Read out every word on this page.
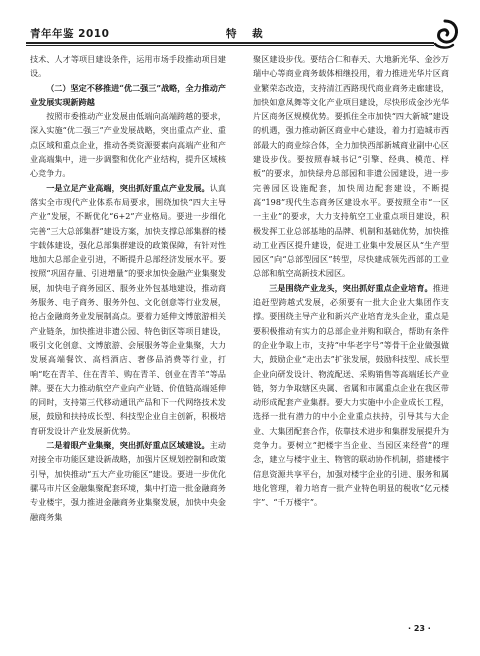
青年年鉴 2010	特 裁

技术、人才等项目建设条件，运用市场手段推动项目建设。

（二）坚定不移推进“优二强三”战略，全力推动产业发展实现新跨越

按照市委推动产业发展由低端向高端跨越的要求，深入实施“优二强三”产业发展战略，突出重点产业、重点区域和重点企业，推动各类资源要素向高端产业和产业高端集中，进一步调整和优化产业结构，提升区域核心竞争力。

一是立足产业高端，突出抓好重点产业发展。认真落实全市现代产业体系布局要求，围绕加快“四大主导产业”发展，不断优化“6+2”产业格局。要进一步细化完善“三大总部集群”建设方案，加快支撑总部集群的楼宇载体建设，强化总部集群建设的政策保障，有针对性地加大总部企业引进，不断提升总部经济发展水平。要按照“巩固存量、引进增量”的要求加快金融产业集聚发展，加快电子商务园区、服务业外包基地建设，推动商务服务、电子商务、服务外包、文化创意等行业发展，抢占金融商务业发展制高点。要着力延伸文博旅游相关产业链条，加快推进非遗公园、特色街区等项目建设，吸引文化创意、文博旅游、会展服务等企业集聚，大力发展高端餐饮、高档酒店、奢侈品消费等行业，打响“吃在青羊、住在青羊、购在青羊、创业在青羊”等品牌。要在大力推动航空产业向产业链、价值链高端延伸的同时，支持第三代移动通讯产品和下一代网络技术发展，鼓励和扶持成长型、科技型企业自主创新，积极培育研发设计产业发展新优势。

二是着眼产业集聚，突出抓好重点区域建设。主动对接全市功能区建设新战略，加强片区规划控制和政策引导，加快推动“五大产业功能区”建设。要进一步优化骡马市片区金融集聚配套环境，集中打造一批金融商务专业楼宇，强力推进金融商务业集聚发展，加快中央金融商务集

聚区建设步伐。要结合仁和春天、大地新光华、金沙万瑞中心等商业商务载体相继投用，着力推进光华片区商业繁荣态改造，支持清江西路现代商业商务走廊建设，加快如意凤舞等文化产业项目建设，尽快形成金沙光华片区商务区规模优势。要抓住全市加快“四大新城”建设的机遇，强力推动新区商业中心建设，着力打造城市西部最大的商业综合体，全力加快西部新城商业副中心区建设步伐。要按照春城书记“引擎、经典、模范、样板”的要求，加快绿舟总部园和非遗公园建设，进一步完善园区设施配套，加快周边配套建设，不断提高“198”现代生态商务区建设水平。要按照全市“一区一主业”的要求，大力支持航空工业重点项目建设，积极发挥工业总部基地的品牌、机制和基础优势，加快推动工业西区提升建设，促进工业集中发展区从“生产型园区”向“总部型园区”转型，尽快建成领先西部的工业总部和航空高新技术园区。

三是围绕产业龙头，突出抓好重点企业培育。推进追赶型跨越式发展，必须要有一批大企业大集团作支撑。要围绕主导产业和新兴产业培育龙头企业，重点是要积极推动有实力的总部企业并购和联合，帮助有条件的企业争取上市，支持“中华老字号”等骨干企业做强做大，鼓励企业“走出去”扩张发展，鼓励科技型、成长型企业向研发设计、物流配送、采购销售等高端延长产业链，努力争取辖区央属、省属和市属重点企业在我区带动形成配套产业集群。要大力实施中小企业成长工程，选择一批有潜力的中小企业重点扶持，引导其与大企业、大集团配套合作，依靠技术进步和集群发展提升为竞争力。要树立“把楼宇当企业、当园区来经营”的理念，建立与楼宇业主、物管的联动协作机制，搭建楼宇信息资源共享平台，加强对楼宇企业的引进、服务和属地化管理，着力培育一批产业特色明显的税收“亿元楼宇”、“千万楼宇”。

· 23 ·
